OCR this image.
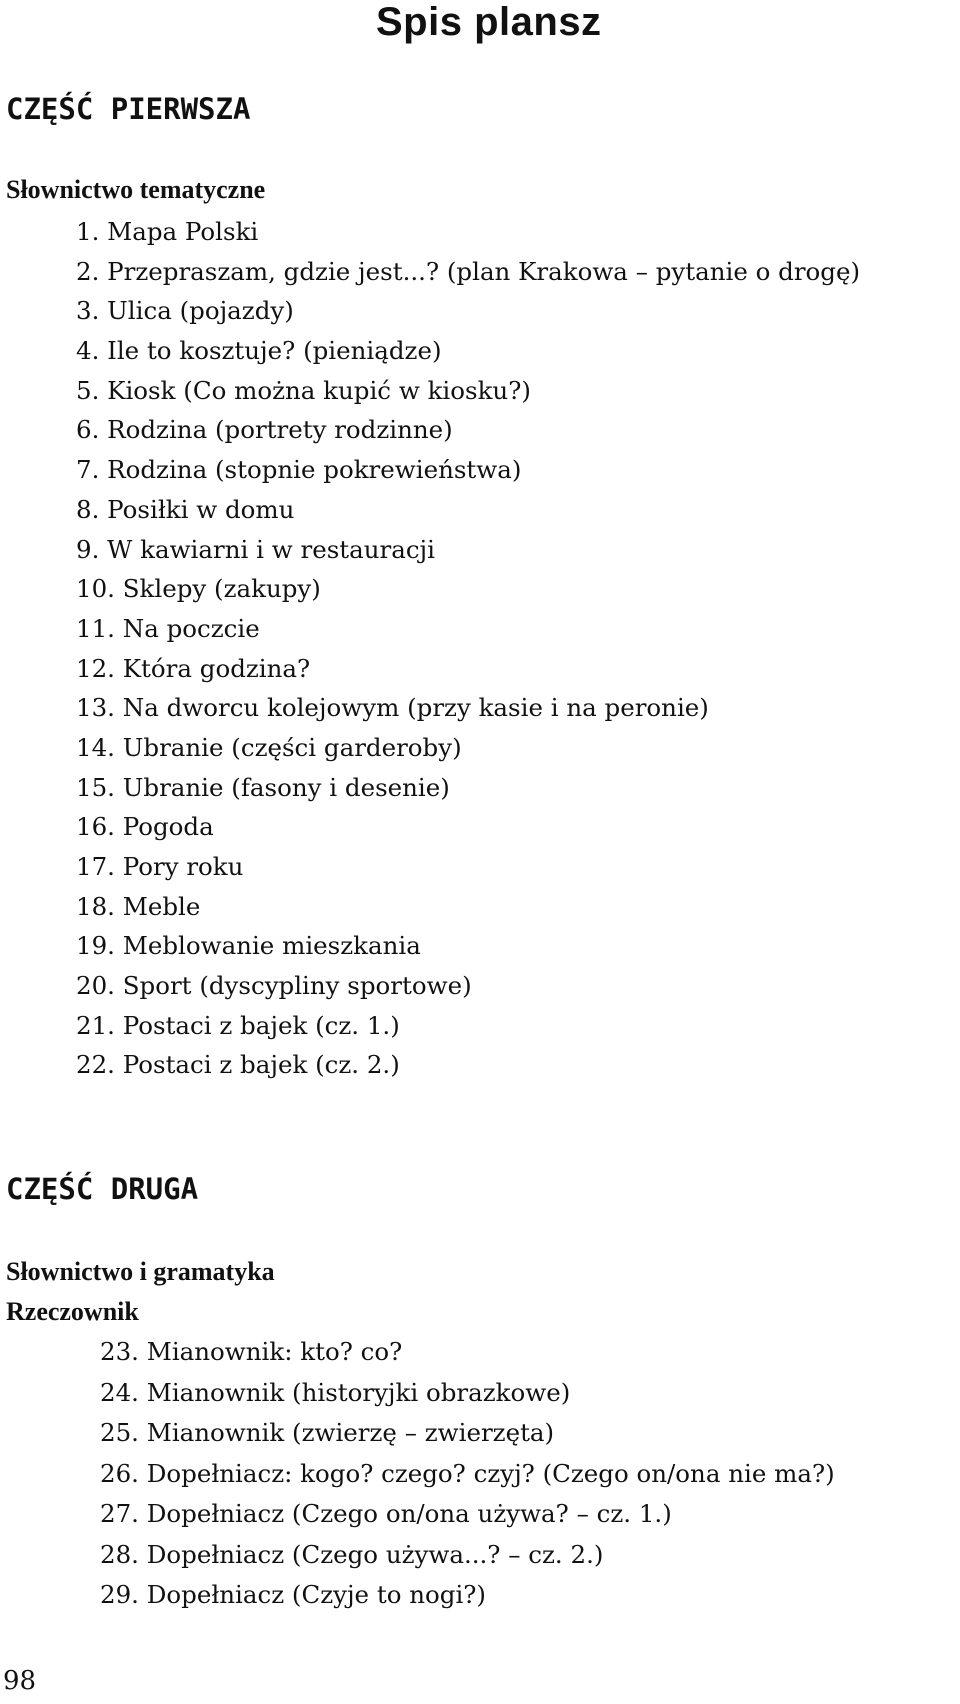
Spis plansz
CZĘŚĆ PIERWSZA
Słownictwo tematyczne
1. Mapa Polski
2. Przepraszam, gdzie jest...? (plan Krakowa – pytanie o drogę)
3. Ulica (pojazdy)
4. Ile to kosztuje? (pieniądze)
5. Kiosk (Co można kupić w kiosku?)
6. Rodzina (portrety rodzinne)
7. Rodzina (stopnie pokrewieństwa)
8. Posiłki w domu
9. W kawiarni i w restauracji
10. Sklepy (zakupy)
11. Na poczcie
12. Która godzina?
13. Na dworcu kolejowym (przy kasie i na peronie)
14. Ubranie (części garderoby)
15. Ubranie (fasony i desenie)
16. Pogoda
17. Pory roku
18. Meble
19. Meblowanie mieszkania
20. Sport (dyscypliny sportowe)
21. Postaci z bajek (cz. 1.)
22. Postaci z bajek (cz. 2.)
CZĘŚĆ DRUGA
Słownictwo i gramatyka
Rzeczownik
23. Mianownik: kto? co?
24. Mianownik (historyjki obrazkowe)
25. Mianownik (zwierzę – zwierzęta)
26. Dopełniacz: kogo? czego? czyj? (Czego on/ona nie ma?)
27. Dopełniacz (Czego on/ona używa? – cz. 1.)
28. Dopełniacz (Czego używa...? – cz. 2.)
29. Dopełniacz (Czyje to nogi?)
98
